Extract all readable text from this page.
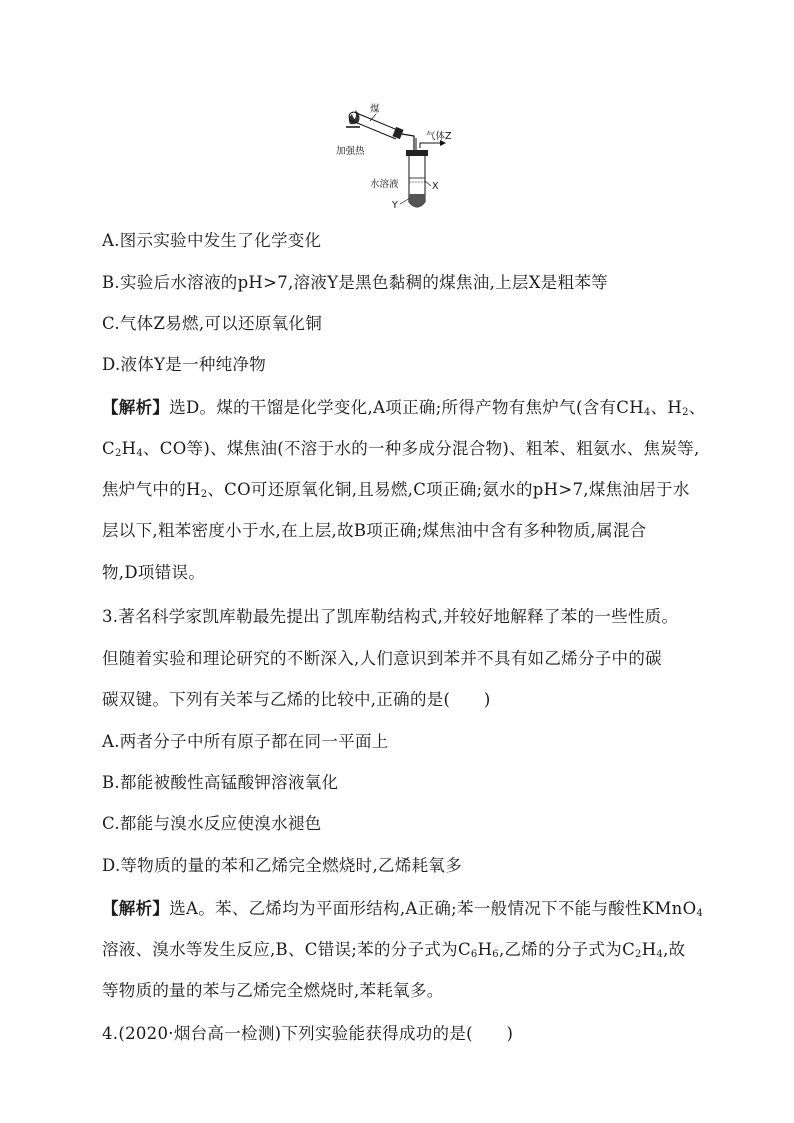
煤
加强热
气体Z
水溶液	X
Y
A.图示实验中发生了化学变化
B.实验后水溶液的pH>7,溶液Y是黑色黏稠的煤焦油,上层X是粗苯等
C.气体Z易燃,可以还原氧化铜
D.液体Y是一种纯净物
【解析】选D。煤的干馏是化学变化,A项正确;所得产物有焦炉气(含有$CH_4$、$H_2$、
$C_2H_4$、CO等)、煤焦油(不溶于水的一种多成分混合物)、粗苯、粗氨水、焦炭等,
焦炉气中的$H_2$、CO可还原氧化铜,且易燃,C项正确;氨水的pH>7,煤焦油居于水
层以下,粗苯密度小于水,在上层,故B项正确;煤焦油中含有多种物质,属混合
物,D项错误。
3.著名科学家凯库勒最先提出了凯库勒结构式,并较好地解释了苯的一些性质。
但随着实验和理论研究的不断深入,人们意识到苯并不具有如乙烯分子中的碳
碳双键。下列有关苯与乙烯的比较中,正确的是(　　)
A.两者分子中所有原子都在同一平面上
B.都能被酸性高锰酸钾溶液氧化
C.都能与溴水反应使溴水褪色
D.等物质的量的苯和乙烯完全燃烧时,乙烯耗氧多
【解析】选A。苯、乙烯均为平面形结构,A正确;苯一般情况下不能与酸性KMnO$_4$
溶液、溴水等发生反应,B、C错误;苯的分子式为$C_6H_6$,乙烯的分子式为$C_2H_4$,故
等物质的量的苯与乙烯完全燃烧时,苯耗氧多。
4.(2020·烟台高一检测)下列实验能获得成功的是(　　)
